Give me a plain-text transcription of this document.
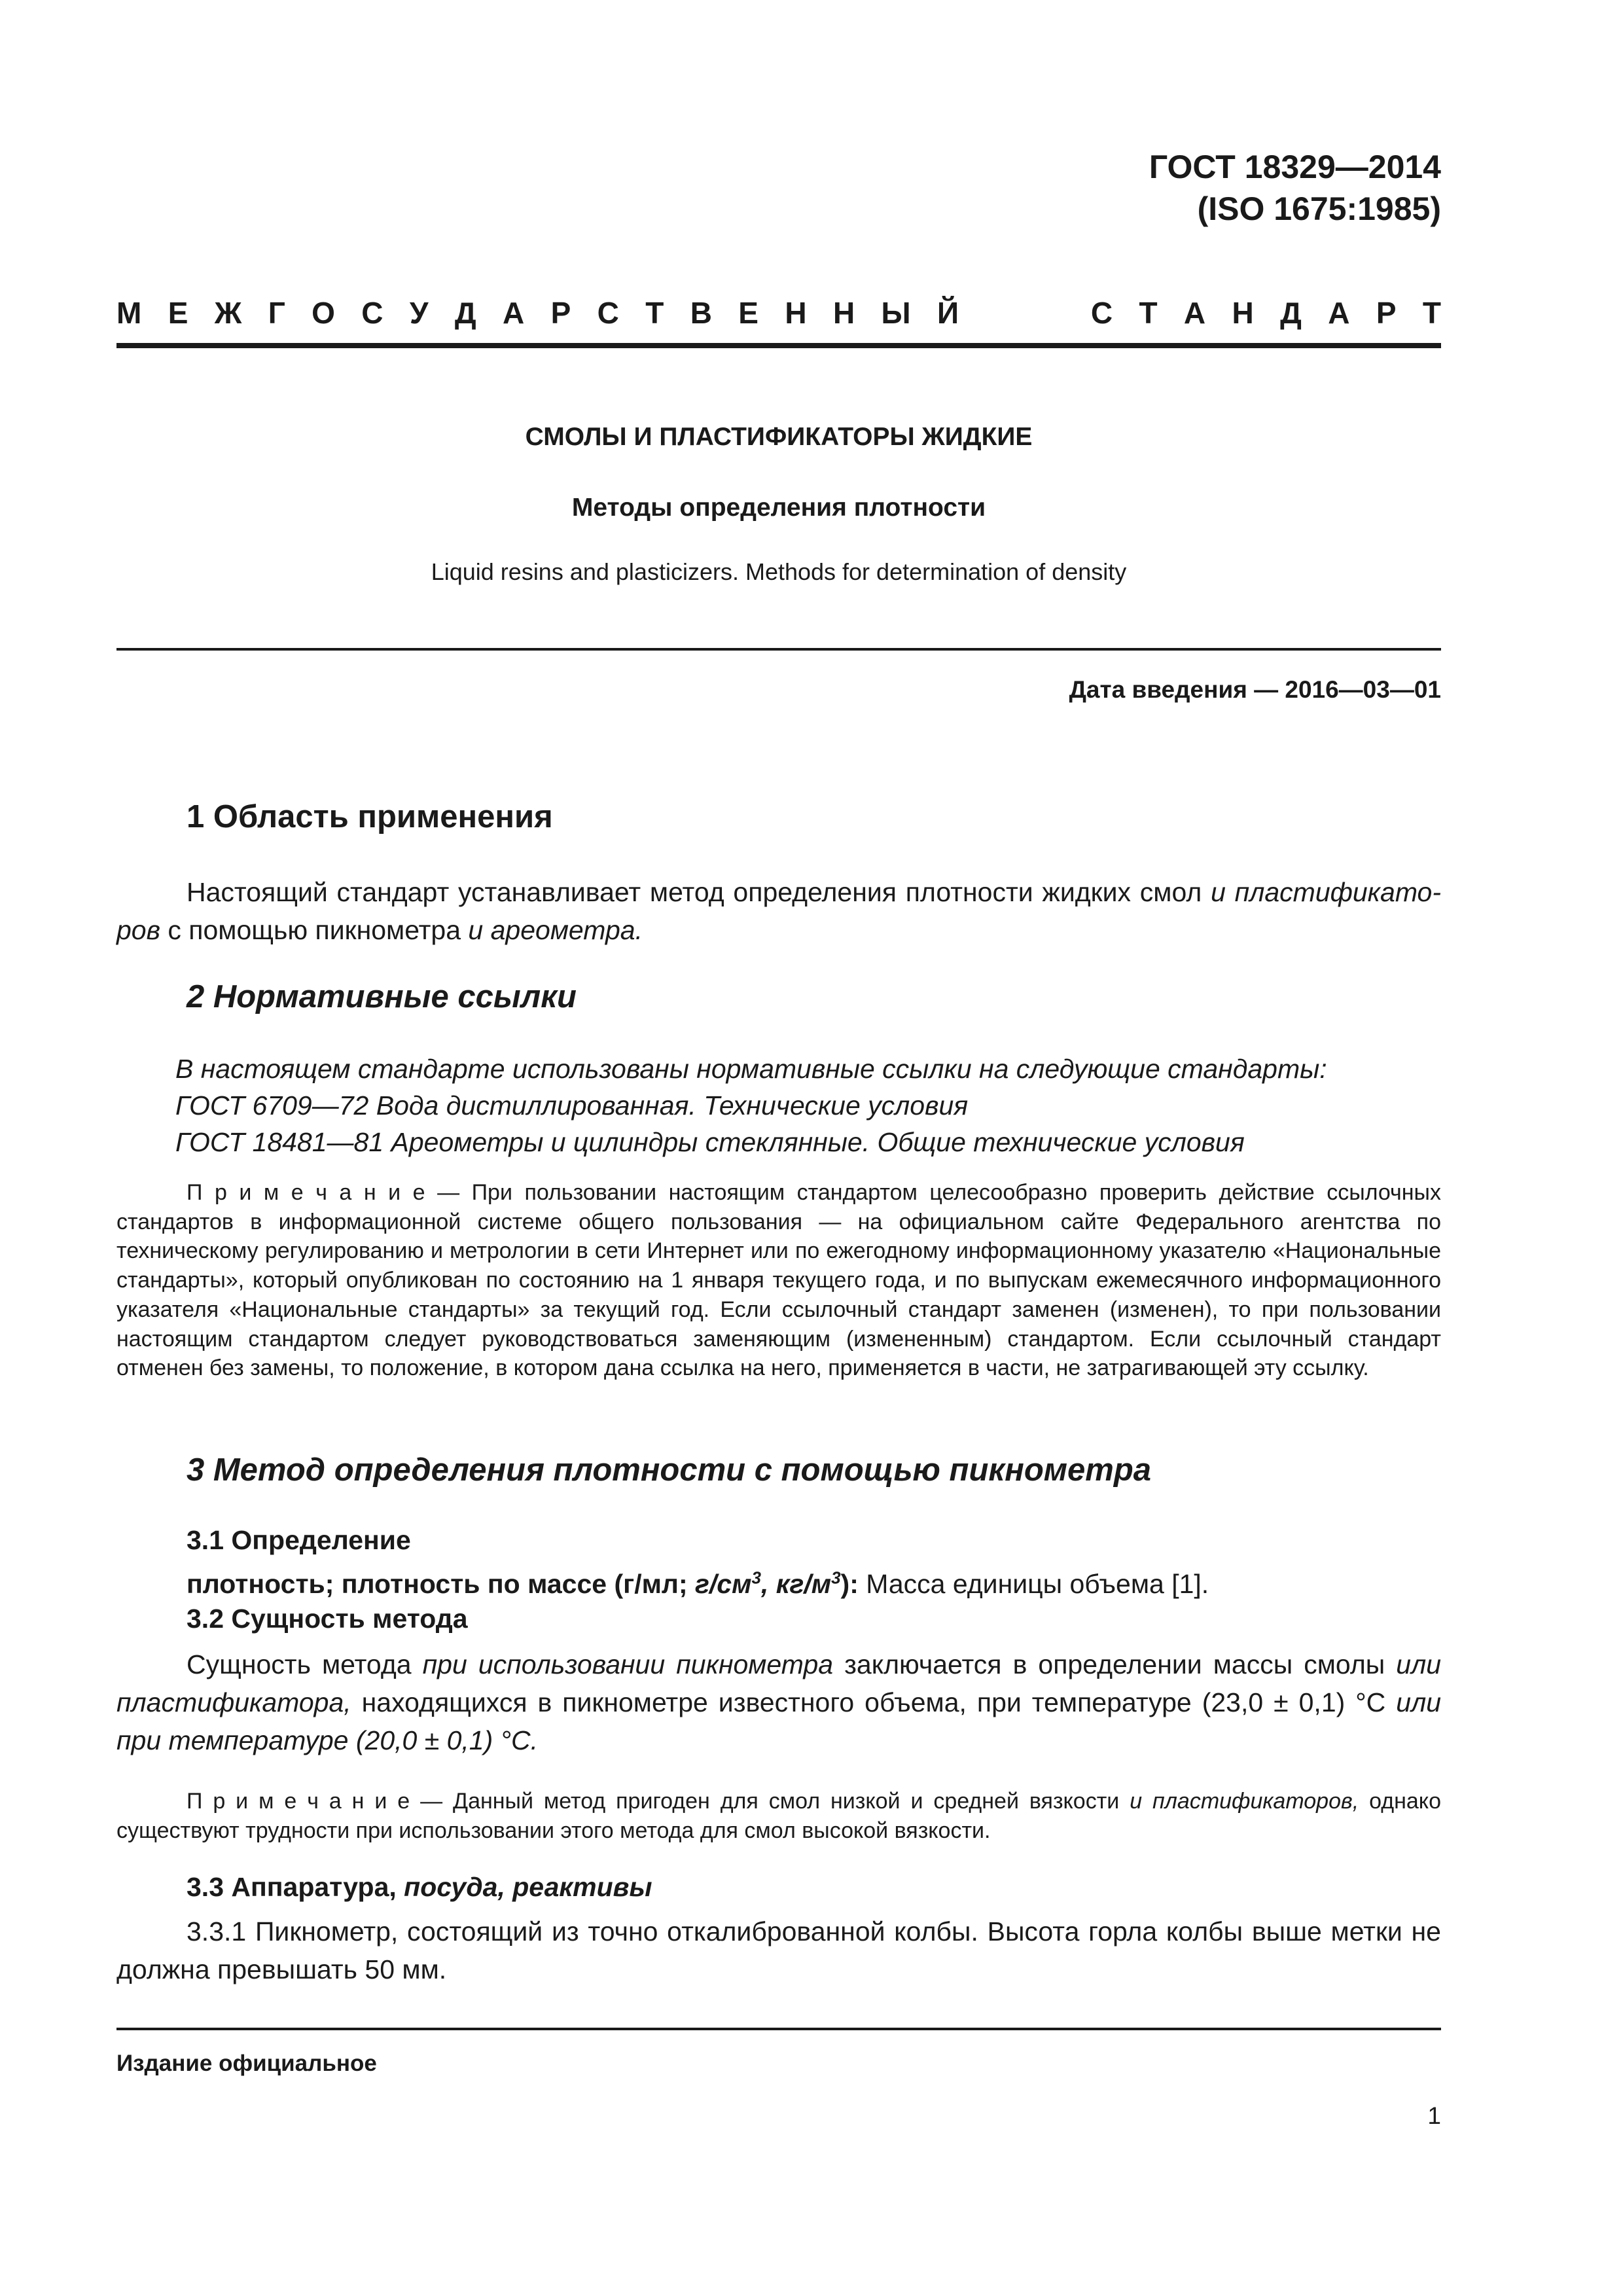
ГОСТ 18329—2014
(ISO 1675:1985)
М Е Ж Г О С У Д А Р С Т В Е Н Н Ы Й     С Т А Н Д А Р Т
СМОЛЫ И ПЛАСТИФИКАТОРЫ ЖИДКИЕ
Методы определения плотности
Liquid resins and plasticizers. Methods for determination of density
Дата введения — 2016—03—01
1 Область применения
Настоящий стандарт устанавливает метод определения плотности жидких смол и пластификаторов с помощью пикнометра и ареометра.
2 Нормативные ссылки
В настоящем стандарте использованы нормативные ссылки на следующие стандарты:
ГОСТ 6709—72 Вода дистиллированная. Технические условия
ГОСТ 18481—81 Ареометры и цилиндры стеклянные. Общие технические условия
П р и м е ч а н и е — При пользовании настоящим стандартом целесообразно проверить действие ссылочных стандартов в информационной системе общего пользования — на официальном сайте Федерального агентства по техническому регулированию и метрологии в сети Интернет или по ежегодному информационному указателю «Национальные стандарты», который опубликован по состоянию на 1 января текущего года, и по выпускам ежемесячного информационного указателя «Национальные стандарты» за текущий год. Если ссылочный стандарт заменен (изменен), то при пользовании настоящим стандартом следует руководствоваться заменяющим (измененным) стандартом. Если ссылочный стандарт отменен без замены, то положение, в котором дана ссылка на него, применяется в части, не затрагивающей эту ссылку.
3 Метод определения плотности с помощью пикнометра
3.1 Определение
плотность; плотность по массе (г/мл; $г/см^3$, $кг/м^3$): Масса единицы объема [1].
3.2 Сущность метода
Сущность метода при использовании пикнометра заключается в определении массы смолы или пластификатора, находящихся в пикнометре известного объема, при температуре (23,0 ± 0,1) °С или при температуре (20,0 ± 0,1) °С.
П р и м е ч а н и е — Данный метод пригоден для смол низкой и средней вязкости и пластификаторов, однако существуют трудности при использовании этого метода для смол высокой вязкости.
3.3 Аппаратура, посуда, реактивы
3.3.1 Пикнометр, состоящий из точно откалиброванной колбы. Высота горла колбы выше метки не должна превышать 50 мм.
Издание официальное
1
